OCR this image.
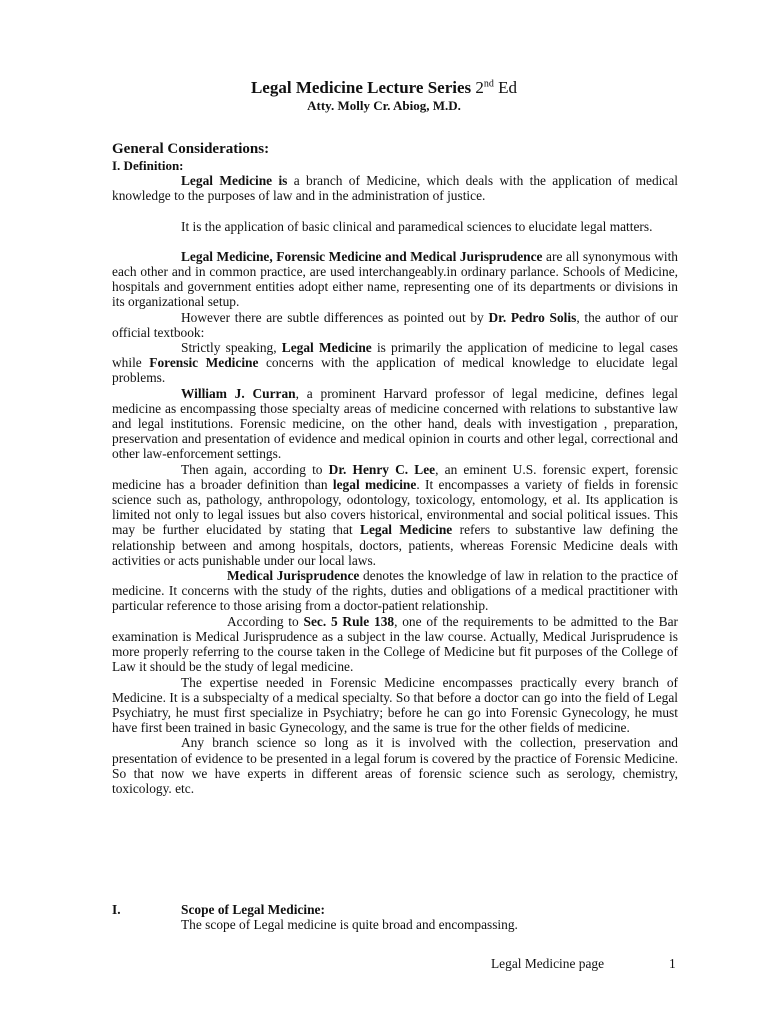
Legal Medicine Lecture Series 2nd Ed
Atty. Molly Cr. Abiog, M.D.
General Considerations:
I. Definition:

Legal Medicine is a branch of Medicine, which deals with the application of medical knowledge to the purposes of law and in the administration of justice.

It is the application of basic clinical and paramedical sciences to elucidate legal matters.

Legal Medicine, Forensic Medicine and Medical Jurisprudence are all synonymous with each other and in common practice, are used interchangeably.in ordinary parlance. Schools of Medicine, hospitals and government entities adopt either name, representing one of its departments or divisions in its organizational setup.

However there are subtle differences as pointed out by Dr. Pedro Solis, the author of our official textbook:

Strictly speaking, Legal Medicine is primarily the application of medicine to legal cases while Forensic Medicine concerns with the application of medical knowledge to elucidate legal problems.

William J. Curran, a prominent Harvard professor of legal medicine, defines legal medicine as encompassing those specialty areas of medicine concerned with relations to substantive law and legal institutions. Forensic medicine, on the other hand, deals with investigation , preparation, preservation and presentation of evidence and medical opinion in courts and other legal, correctional and other law-enforcement settings.

Then again, according to Dr. Henry C. Lee, an eminent U.S. forensic expert, forensic medicine has a broader definition than legal medicine. It encompasses a variety of fields in forensic science such as, pathology, anthropology, odontology, toxicology, entomology, et al. Its application is limited not only to legal issues but also covers historical, environmental and social political issues. This may be further elucidated by stating that Legal Medicine refers to substantive law defining the relationship between and among hospitals, doctors, patients, whereas Forensic Medicine deals with activities or acts punishable under our local laws.

Medical Jurisprudence denotes the knowledge of law in relation to the practice of medicine. It concerns with the study of the rights, duties and obligations of a medical practitioner with particular reference to those arising from a doctor-patient relationship.

According to Sec. 5 Rule 138, one of the requirements to be admitted to the Bar examination is Medical Jurisprudence as a subject in the law course. Actually, Medical Jurisprudence is more properly referring to the course taken in the College of Medicine but fit purposes of the College of Law it should be the study of legal medicine.

The expertise needed in Forensic Medicine encompasses practically every branch of Medicine. It is a subspecialty of a medical specialty. So that before a doctor can go into the field of Legal Psychiatry, he must first specialize in Psychiatry; before he can go into Forensic Gynecology, he must have first been trained in basic Gynecology, and the same is true for the other fields of medicine.

Any branch science so long as it is involved with the collection, preservation and presentation of evidence to be presented in a legal forum is covered by the practice of Forensic Medicine. So that now we have experts in different areas of forensic science such as serology, chemistry, toxicology. etc.

I.	Scope of Legal Medicine:

The scope of Legal medicine is quite broad and encompassing.

Legal Medicine page	1
